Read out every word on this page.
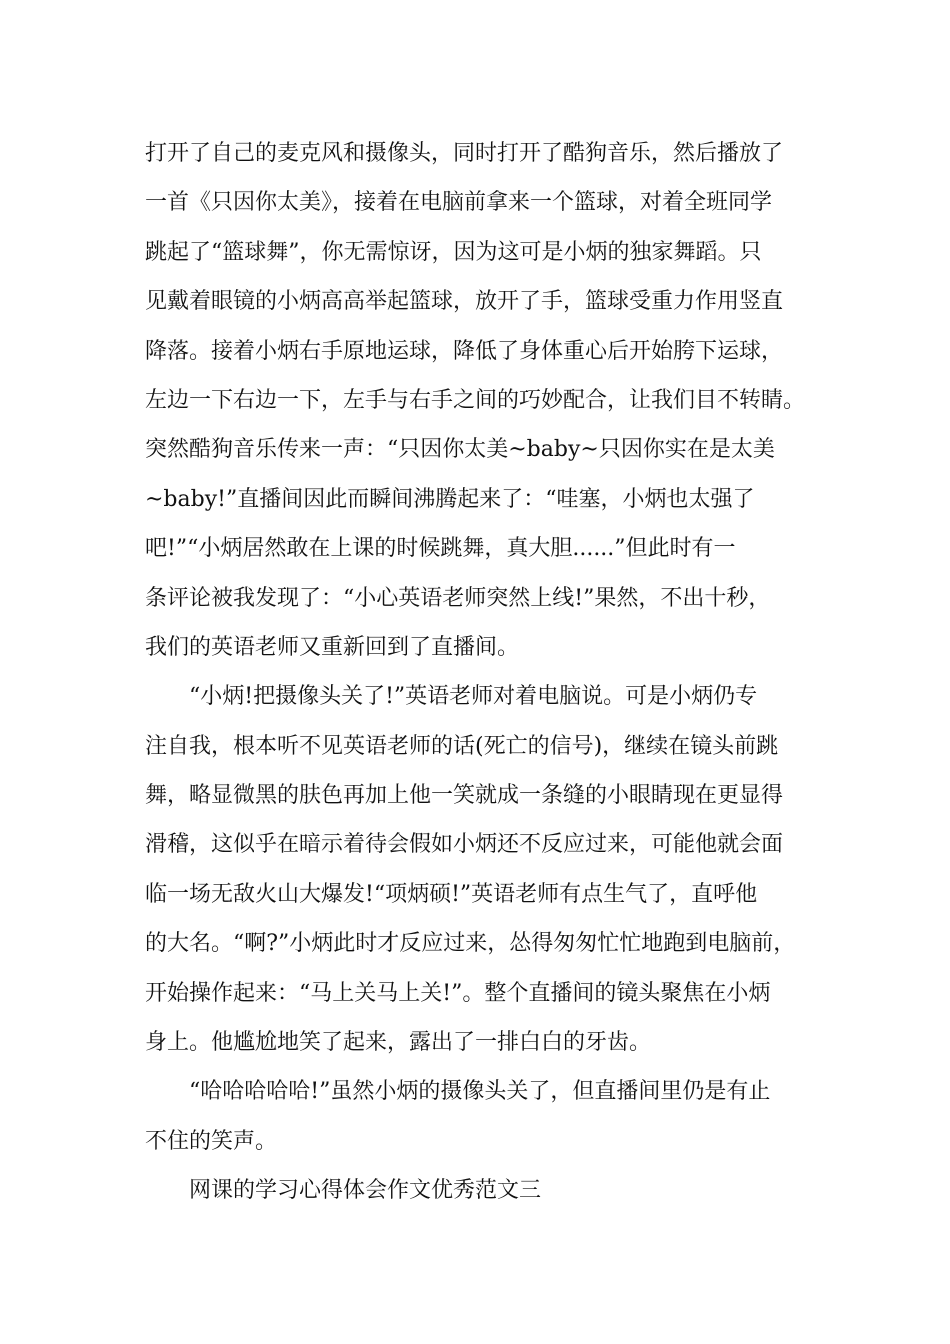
打开了自己的麦克风和摄像头，同时打开了酷狗音乐，然后播放了
一首《只因你太美》，接着在电脑前拿来一个篮球，对着全班同学
跳起了“篮球舞”，你无需惊讶，因为这可是小炳的独家舞蹈。只
见戴着眼镜的小炳高高举起篮球，放开了手，篮球受重力作用竖直
降落。接着小炳右手原地运球，降低了身体重心后开始胯下运球，
左边一下右边一下，左手与右手之间的巧妙配合，让我们目不转睛。
突然酷狗音乐传来一声：“只因你太美~baby~只因你实在是太美
~baby!”直播间因此而瞬间沸腾起来了：“哇塞，小炳也太强了
吧!”“小炳居然敢在上课的时候跳舞，真大胆......”但此时有一
条评论被我发现了：“小心英语老师突然上线!”果然，不出十秒，
我们的英语老师又重新回到了直播间。
“小炳!把摄像头关了!”英语老师对着电脑说。可是小炳仍专
注自我，根本听不见英语老师的话(死亡的信号)，继续在镜头前跳
舞，略显微黑的肤色再加上他一笑就成一条缝的小眼睛现在更显得
滑稽，这似乎在暗示着待会假如小炳还不反应过来，可能他就会面
临一场无敌火山大爆发!“项炳硕!”英语老师有点生气了，直呼他
的大名。“啊?”小炳此时才反应过来，怂得匆匆忙忙地跑到电脑前，
开始操作起来：“马上关马上关!”。整个直播间的镜头聚焦在小炳
身上。他尴尬地笑了起来，露出了一排白白的牙齿。
“哈哈哈哈哈!”虽然小炳的摄像头关了，但直播间里仍是有止
不住的笑声。
网课的学习心得体会作文优秀范文三
